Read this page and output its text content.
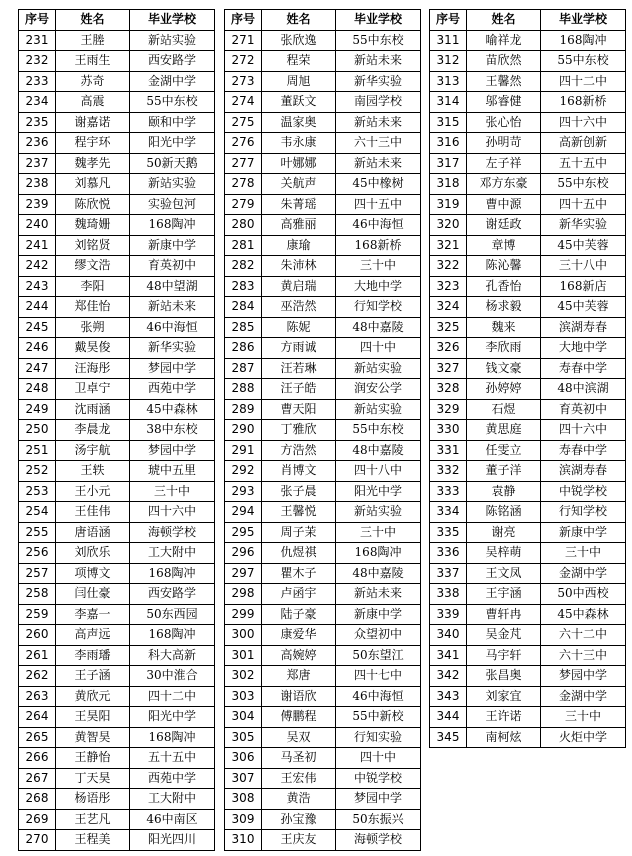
序号	姓名	毕业学校
231	王塍	新站实验
232	王雨生	西安路学
233	苏奇	金湖中学
234	高震	55中东校
235	谢嘉诺	颐和中学
236	程宇环	阳光中学
237	魏孝先	50新天鹅
238	刘慕凡	新站实验
239	陈欣悦	实验包河
240	魏琦姗	168陶冲
241	刘铭贤	新康中学
242	缪文浩	育英初中
243	李阳	48中望湖
244	郑佳怡	新站未来
245	张朔	46中海恒
246	戴昊俊	新华实验
247	汪海彤	梦园中学
248	卫卓宁	西苑中学
249	沈雨涵	45中森林
250	李晨龙	38中东校
251	汤宇航	梦园中学
252	王轶	琥中五里
253	王小元	三十中
254	王佳伟	四十六中
255	唐语涵	海顿学校
256	刘欣乐	工大附中
257	项博文	168陶冲
258	闫仕豪	西安路学
259	李嘉一	50东西园
260	高声远	168陶冲
261	李雨璠	科大高新
262	王子涵	30中淮合
263	黄欣元	四十二中
264	王昊阳	阳光中学
265	黄智昊	168陶冲
266	王静怡	五十五中
267	丁天昊	西苑中学
268	杨语彤	工大附中
269	王艺凡	46中南区
270	王程美	阳光四川
序号	姓名	毕业学校
271	张欣逸	55中东校
272	程荣	新站未来
273	周旭	新华实验
274	董跃文	南园学校
275	温家奥	新站未来
276	韦永康	六十三中
277	叶娜娜	新站未来
278	关航声	45中橡树
279	朱菁瑶	四十五中
280	高雅丽	46中海恒
281	康瑜	168新桥
282	朱沛林	三十中
283	黄启瑞	大地中学
284	巫浩然	行知学校
285	陈妮	48中嘉陵
286	方雨诚	四十中
287	汪若琳	新站实验
288	汪子皓	润安公学
289	曹天阳	新站实验
290	丁雅欣	55中东校
291	方浩然	48中嘉陵
292	肖博文	四十八中
293	张子晨	阳光中学
294	王馨悦	新站实验
295	周子茉	三十中
296	仇煜祺	168陶冲
297	瞿木子	48中嘉陵
298	卢函宇	新站未来
299	陆子豪	新康中学
300	康爱华	众望初中
301	高婉婷	50东望江
302	郑唐	四十七中
303	谢语欣	46中海恒
304	傅鹏程	55中新校
305	吴双	行知实验
306	马圣初	四十中
307	王宏伟	中锐学校
308	黄浩	梦园中学
309	孙宝豫	50东振兴
310	王庆友	海顿学校
序号	姓名	毕业学校
311	喻祥龙	168陶冲
312	苗欣然	55中东校
313	王馨然	四十二中
314	邬睿健	168新桥
315	张心怡	四十六中
316	孙明苛	高新创新
317	左子祥	五十五中
318	邓方东豪	55中东校
319	曹中源	四十五中
320	谢廷政	新华实验
321	章博	45中芙蓉
322	陈沁馨	三十八中
323	孔香怡	168新店
324	杨求毅	45中芙蓉
325	魏来	滨湖寿春
326	李欣雨	大地中学
327	钱文豪	寿春中学
328	孙婷婷	48中滨湖
329	石煜	育英初中
330	黄思庭	四十六中
331	任雯立	寿春中学
332	董子洋	滨湖寿春
333	袁静	中锐学校
334	陈铭涵	行知学校
335	谢亮	新康中学
336	吴梓萌	三十中
337	王文凤	金湖中学
338	王宇涵	50中西校
339	曹轩冉	45中森林
340	吴金芃	六十二中
341	马宇轩	六十三中
342	张昌奥	梦园中学
343	刘家宜	金湖中学
344	王许诺	三十中
345	南柯炫	火炬中学
